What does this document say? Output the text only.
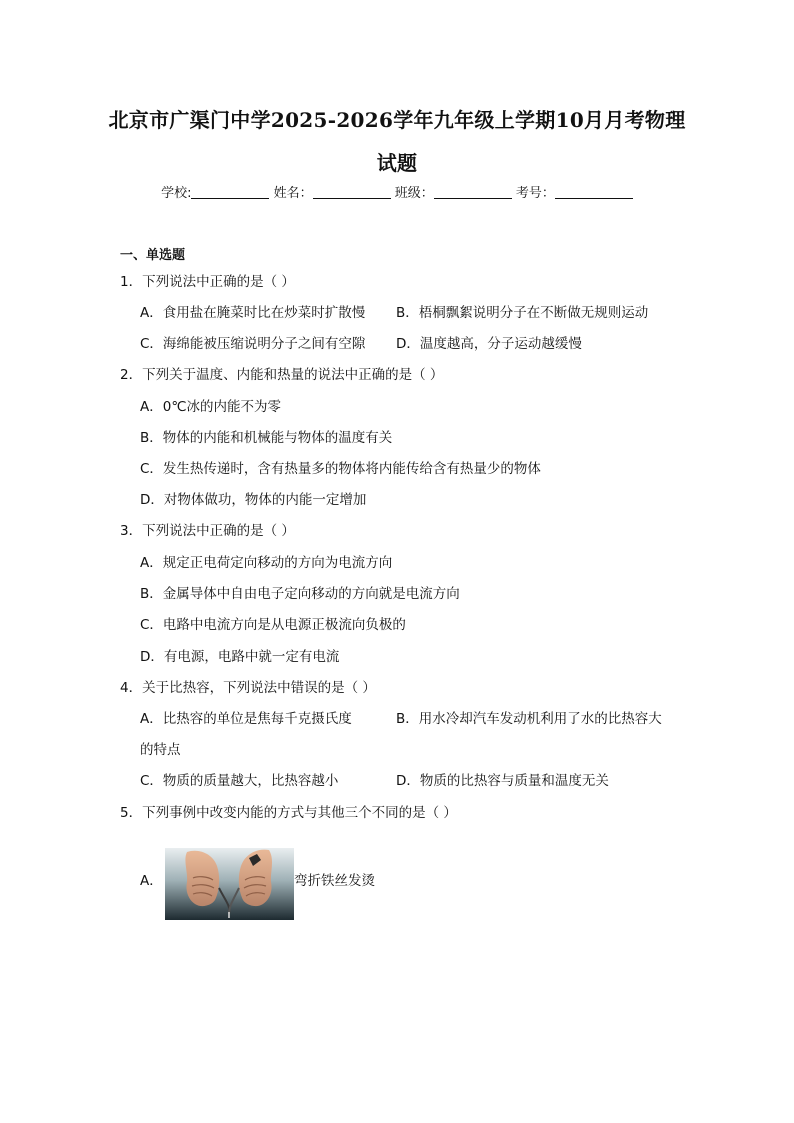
北京市广渠门中学2025-2026学年九年级上学期10月月考物理
试题
学校:	姓名：	班级：	考号：
一、单选题
1．下列说法中正确的是（ ）
A．食用盐在腌菜时比在炒菜时扩散慢 B．梧桐飘絮说明分子在不断做无规则运动
C．海绵能被压缩说明分子之间有空隙 D．温度越高，分子运动越缓慢
2．下列关于温度、内能和热量的说法中正确的是（ ）
A．0℃冰的内能不为零
B．物体的内能和机械能与物体的温度有关
C．发生热传递时，含有热量多的物体将内能传给含有热量少的物体
D．对物体做功，物体的内能一定增加
3．下列说法中正确的是（ ）
A．规定正电荷定向移动的方向为电流方向
B．金属导体中自由电子定向移动的方向就是电流方向
C．电路中电流方向是从电源正极流向负极的
D．有电源，电路中就一定有电流
4．关于比热容，下列说法中错误的是（ ）
A．比热容的单位是焦每千克摄氏度	B．用水冷却汽车发动机利用了水的比热容大
的特点
C．物质的质量越大，比热容越小	D．物质的比热容与质量和温度无关
5．下列事例中改变内能的方式与其他三个不同的是（ ）
A．	弯折铁丝发烫
